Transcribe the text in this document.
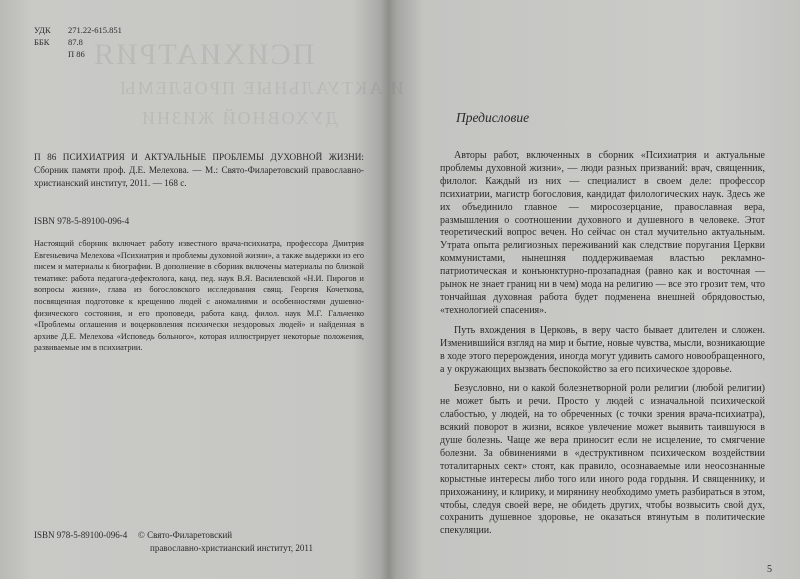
ПСИХИАТРИЯ
И АКТУАЛЬНЫЕ ПРОБЛЕМЫ
ДУХОВНОЙ ЖИЗНИ
УДК	271.22-615.851
ББК	87.8
П 86
П 86 ПСИХИАТРИЯ И АКТУАЛЬНЫЕ ПРОБЛЕМЫ ДУХОВНОЙ ЖИЗНИ: Сборник памяти проф. Д.Е. Мелехова. — М.: Свято-Филаретовский православно-христианский институт, 2011. — 168 с.
ISBN 978-5-89100-096-4
Настоящий сборник включает работу известного врача-психиатра, профессора Дмитрия Евгеньевича Мелехова «Психиатрия и проблемы духовной жизни», а также выдержки из его писем и материалы к биографии. В дополнение в сборник включены материалы по близкой тематике: работа педагога-дефектолога, канд. пед. наук В.Я. Василевской «Н.И. Пирогов и вопросы жизни», глава из богословского исследования свящ. Георгия Кочеткова, посвященная подготовке к крещению людей с аномалиями и особенностями душевно-физического состояния, и его проповеди, работа канд. филол. наук М.Г. Гальченко «Проблемы оглашения и воцерковления психически нездоровых людей» и найденная в архиве Д.Е. Мелехова «Исповедь больного», которая иллюстрирует некоторые положения, развиваемые им в психиатрии.
ISBN 978-5-89100-096-4 © Свято-Филаретовский
православно-христианский институт, 2011
Предисловие

Авторы работ, включенных в сборник «Психиатрия и актуальные проблемы духовной жизни», — люди разных призваний: врач, священник, филолог. Каждый из них — специалист в своем деле: профессор психиатрии, магистр богословия, кандидат филологических наук. Здесь же их объединило главное — миросозерцание, православная вера, размышления о соотношении духовного и душевного в человеке. Этот теоретический вопрос вечен. Но сейчас он стал мучительно актуальным. Утрата опыта религиозных переживаний как следствие поругания Церкви коммунистами, нынешняя поддерживаемая властью рекламно-патриотическая и конъюнктурно-прозападная (равно как и восточная — рынок не знает границ ни в чем) мода на религию — все это грозит тем, что тончайшая духовная работа будет подменена внешней обрядовостью, «технологией спасения».

Путь вхождения в Церковь, в веру часто бывает длителен и сложен. Изменившийся взгляд на мир и бытие, новые чувства, мысли, возникающие в ходе этого перерождения, иногда могут удивить самого новообращенного, а у окружающих вызвать беспокойство за его психическое здоровье.

Безусловно, ни о какой болезнетворной роли религии (любой религии) не может быть и речи. Просто у людей с изначальной психической слабостью, у людей, на то обреченных (с точки зрения врача-психиатра), всякий поворот в жизни, всякое увлечение может выявить таившуюся в душе болезнь. Чаще же вера приносит если не исцеление, то смягчение болезни. За обвинениями в «деструктивном психическом воздействии тоталитарных сект» стоят, как правило, осознаваемые или неосознанные корыстные интересы либо того или иного рода гордыня. И священнику, и прихожанину, и клирику, и мирянину необходимо уметь разбираться в этом, чтобы, следуя своей вере, не обидеть других, чтобы возвысить свой дух, сохранить душевное здоровье, не оказаться втянутым в политические спекуляции.

5
